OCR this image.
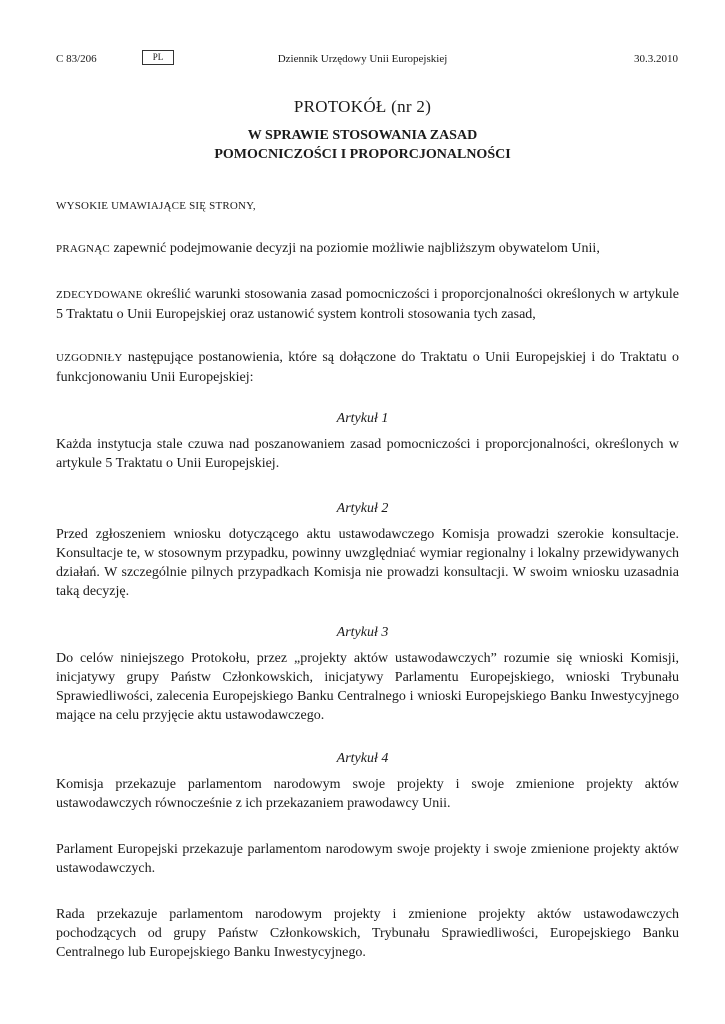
C 83/206	PL	Dziennik Urzędowy Unii Europejskiej	30.3.2010
PROTOKÓŁ (nr 2)
W SPRAWIE STOSOWANIA ZASAD
POMOCNICZOŚCI I PROPORCJONALNOŚCI
WYSOKIE UMAWIAJĄCE SIĘ STRONY,
PRAGNĄC zapewnić podejmowanie decyzji na poziomie możliwie najbliższym obywatelom Unii,
ZDECYDOWANE określić warunki stosowania zasad pomocniczości i proporcjonalności określonych w artykule 5 Traktatu o Unii Europejskiej oraz ustanowić system kontroli stosowania tych zasad,
UZGODNIŁY następujące postanowienia, które są dołączone do Traktatu o Unii Europejskiej i do Traktatu o funkcjonowaniu Unii Europejskiej:
Artykuł 1
Każda instytucja stale czuwa nad poszanowaniem zasad pomocniczości i proporcjonalności, określonych w artykule 5 Traktatu o Unii Europejskiej.
Artykuł 2
Przed zgłoszeniem wniosku dotyczącego aktu ustawodawczego Komisja prowadzi szerokie konsultacje. Konsultacje te, w stosownym przypadku, powinny uwzględniać wymiar regionalny i lokalny przewidywanych działań. W szczególnie pilnych przypadkach Komisja nie prowadzi konsultacji. W swoim wniosku uzasadnia taką decyzję.
Artykuł 3
Do celów niniejszego Protokołu, przez „projekty aktów ustawodawczych” rozumie się wnioski Komisji, inicjatywy grupy Państw Członkowskich, inicjatywy Parlamentu Europejskiego, wnioski Trybunału Sprawiedliwości, zalecenia Europejskiego Banku Centralnego i wnioski Europejskiego Banku Inwestycyjnego mające na celu przyjęcie aktu ustawodawczego.
Artykuł 4
Komisja przekazuje parlamentom narodowym swoje projekty i swoje zmienione projekty aktów ustawodawczych równocześnie z ich przekazaniem prawodawcy Unii.
Parlament Europejski przekazuje parlamentom narodowym swoje projekty i swoje zmienione projekty aktów ustawodawczych.
Rada przekazuje parlamentom narodowym projekty i zmienione projekty aktów ustawodawczych pochodzących od grupy Państw Członkowskich, Trybunału Sprawiedliwości, Europejskiego Banku Centralnego lub Europejskiego Banku Inwestycyjnego.
